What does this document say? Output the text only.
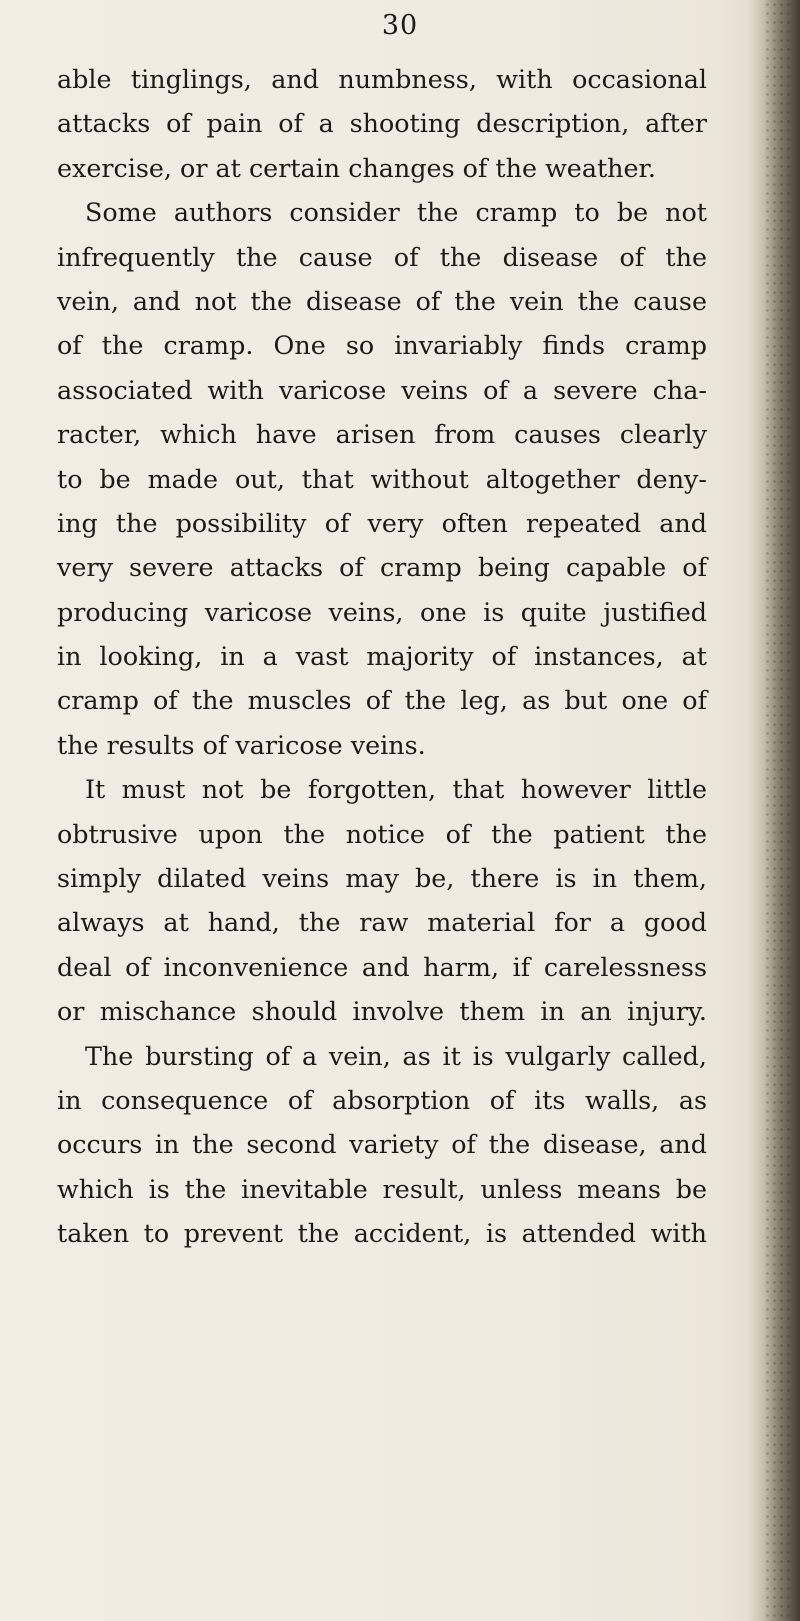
30
able tinglings, and numbness, with occasional
attacks of pain of a shooting description, after
exercise, or at certain changes of the weather.
Some authors consider the cramp to be not
infrequently the cause of the disease of the
vein, and not the disease of the vein the cause
of the cramp. One so invariably finds cramp
associated with varicose veins of a severe cha-
racter, which have arisen from causes clearly
to be made out, that without altogether deny-
ing the possibility of very often repeated and
very severe attacks of cramp being capable of
producing varicose veins, one is quite justified
in looking, in a vast majority of instances, at
cramp of the muscles of the leg, as but one of
the results of varicose veins.
It must not be forgotten, that however little
obtrusive upon the notice of the patient the
simply dilated veins may be, there is in them,
always at hand, the raw material for a good
deal of inconvenience and harm, if carelessness
or mischance should involve them in an injury.
The bursting of a vein, as it is vulgarly called,
in consequence of absorption of its walls, as
occurs in the second variety of the disease, and
which is the inevitable result, unless means be
taken to prevent the accident, is attended with
